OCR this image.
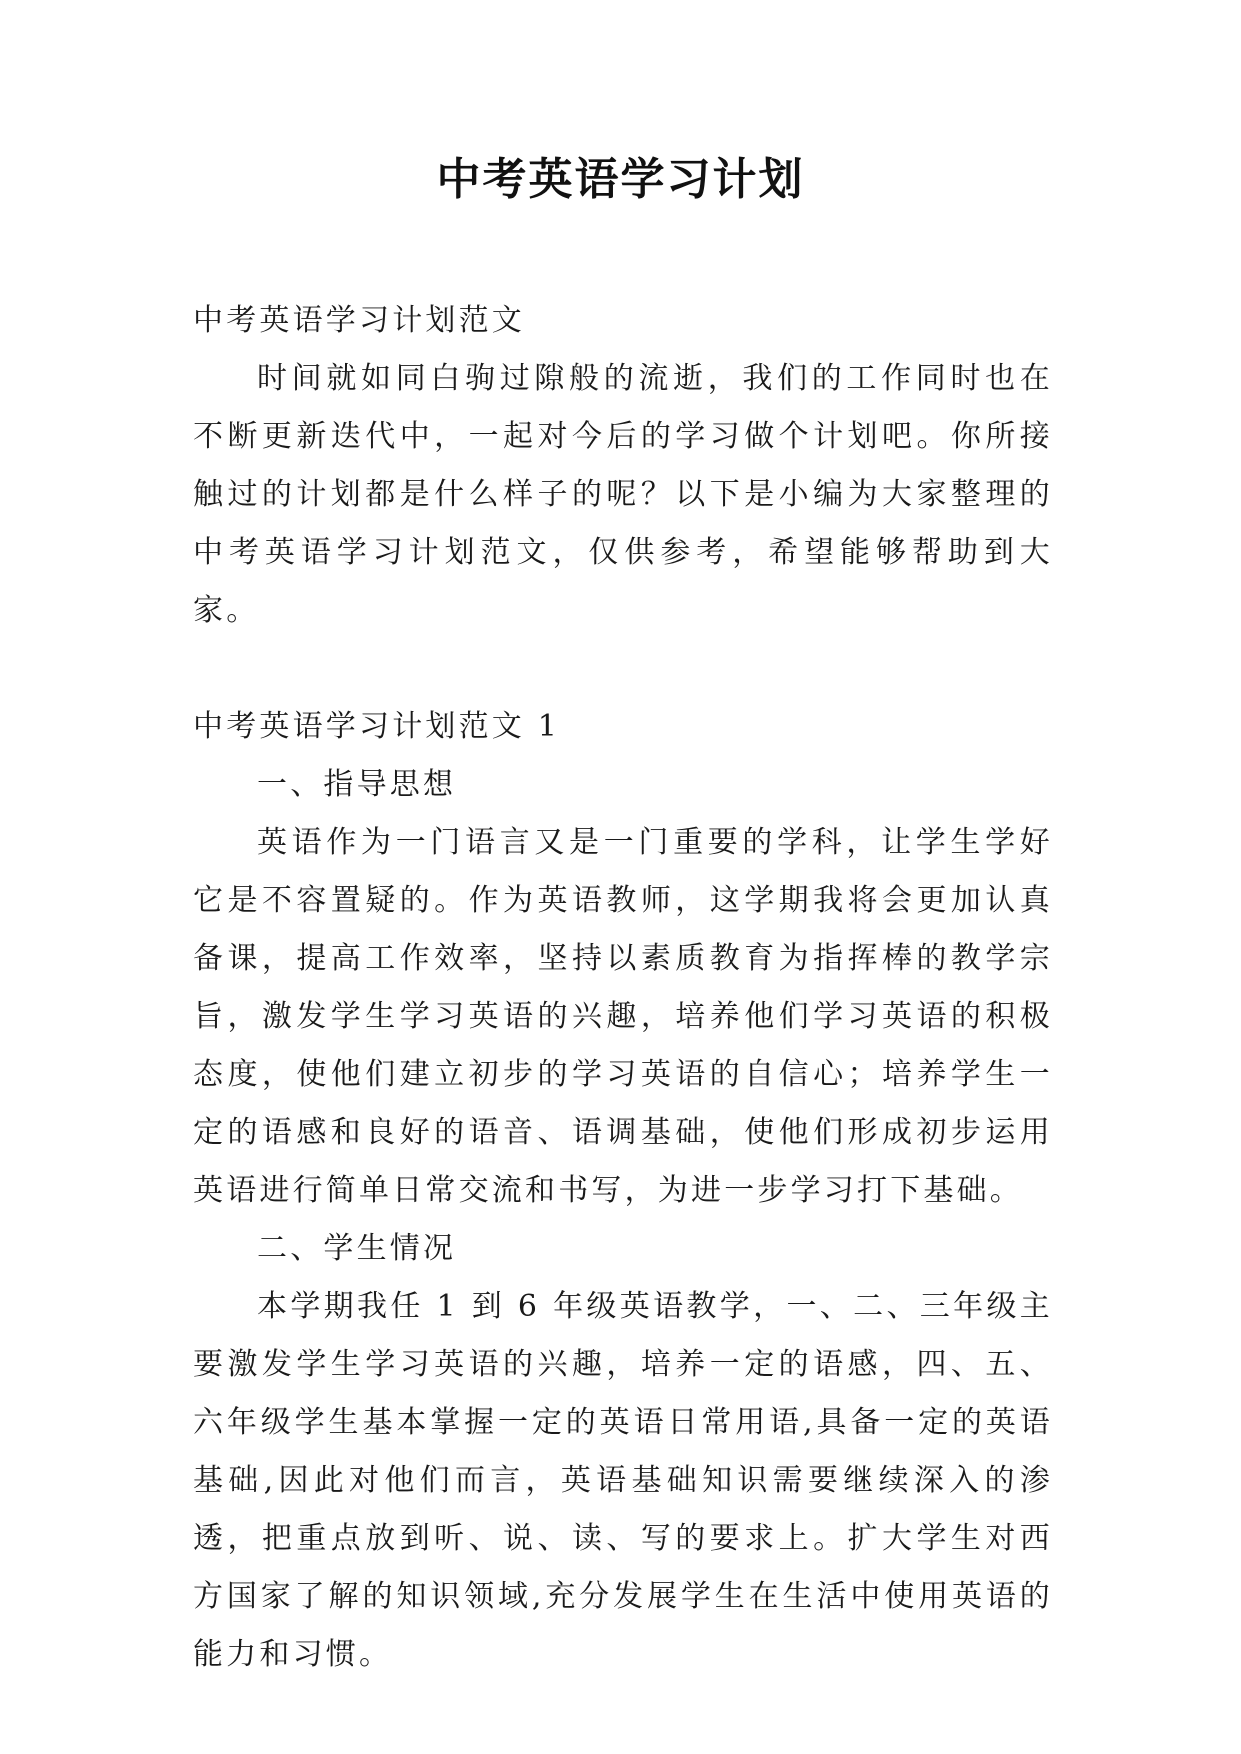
中考英语学习计划

中考英语学习计划范文

时间就如同白驹过隙般的流逝，我们的工作同时也在不断更新迭代中，一起对今后的学习做个计划吧。你所接触过的计划都是什么样子的呢？以下是小编为大家整理的中考英语学习计划范文，仅供参考，希望能够帮助到大家。

中考英语学习计划范文 1

一、指导思想

英语作为一门语言又是一门重要的学科，让学生学好它是不容置疑的。作为英语教师，这学期我将会更加认真备课，提高工作效率，坚持以素质教育为指挥棒的教学宗旨，激发学生学习英语的兴趣，培养他们学习英语的积极态度，使他们建立初步的学习英语的自信心；培养学生一定的语感和良好的语音、语调基础，使他们形成初步运用英语进行简单日常交流和书写，为进一步学习打下基础。

二、学生情况

本学期我任 1 到 6 年级英语教学，一、二、三年级主要激发学生学习英语的兴趣，培养一定的语感，四、五、六年级学生基本掌握一定的英语日常用语,具备一定的英语基础,因此对他们而言，英语基础知识需要继续深入的渗透，把重点放到听、说、读、写的要求上。扩大学生对西方国家了解的知识领域,充分发展学生在生活中使用英语的能力和习惯。
